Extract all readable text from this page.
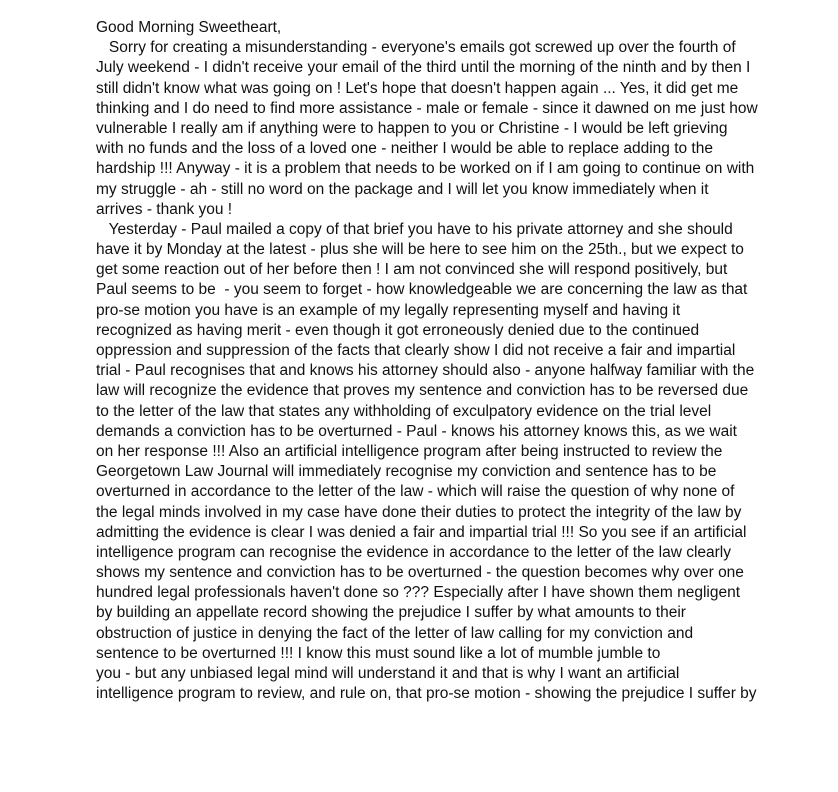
Good Morning Sweetheart,

Sorry for creating a misunderstanding - everyone's emails got screwed up over the fourth of

July weekend - I didn't receive your email of the third until the morning of the ninth and by then I

still didn't know what was going on ! Let's hope that doesn't happen again ... Yes, it did get me

thinking and I do need to find more assistance - male or female - since it dawned on me just how

vulnerable I really am if anything were to happen to you or Christine - I would be left grieving

with no funds and the loss of a loved one - neither I would be able to replace adding to the

hardship !!! Anyway - it is a problem that needs to be worked on if I am going to continue on with

my struggle - ah - still no word on the package and I will let you know immediately when it

arrives - thank you !

Yesterday - Paul mailed a copy of that brief you have to his private attorney and she should

have it by Monday at the latest - plus she will be here to see him on the 25th., but we expect to

get some reaction out of her before then ! I am not convinced she will respond positively, but

Paul seems to be  - you seem to forget - how knowledgeable we are concerning the law as that

pro-se motion you have is an example of my legally representing myself and having it

recognized as having merit - even though it got erroneously denied due to the continued

oppression and suppression of the facts that clearly show I did not receive a fair and impartial

trial - Paul recognises that and knows his attorney should also - anyone halfway familiar with the

law will recognize the evidence that proves my sentence and conviction has to be reversed due

to the letter of the law that states any withholding of exculpatory evidence on the trial level

demands a conviction has to be overturned - Paul - knows his attorney knows this, as we wait

on her response !!! Also an artificial intelligence program after being instructed to review the

Georgetown Law Journal will immediately recognise my conviction and sentence has to be

overturned in accordance to the letter of the law - which will raise the question of why none of

the legal minds involved in my case have done their duties to protect the integrity of the law by

admitting the evidence is clear I was denied a fair and impartial trial !!! So you see if an artificial

intelligence program can recognise the evidence in accordance to the letter of the law clearly

shows my sentence and conviction has to be overturned - the question becomes why over one

hundred legal professionals haven't done so ??? Especially after I have shown them negligent

by building an appellate record showing the prejudice I suffer by what amounts to their

obstruction of justice in denying the fact of the letter of law calling for my conviction and

sentence to be overturned !!! I know this must sound like a lot of mumble jumble to

you - but any unbiased legal mind will understand it and that is why I want an artificial

intelligence program to review, and rule on, that pro-se motion - showing the prejudice I suffer by
